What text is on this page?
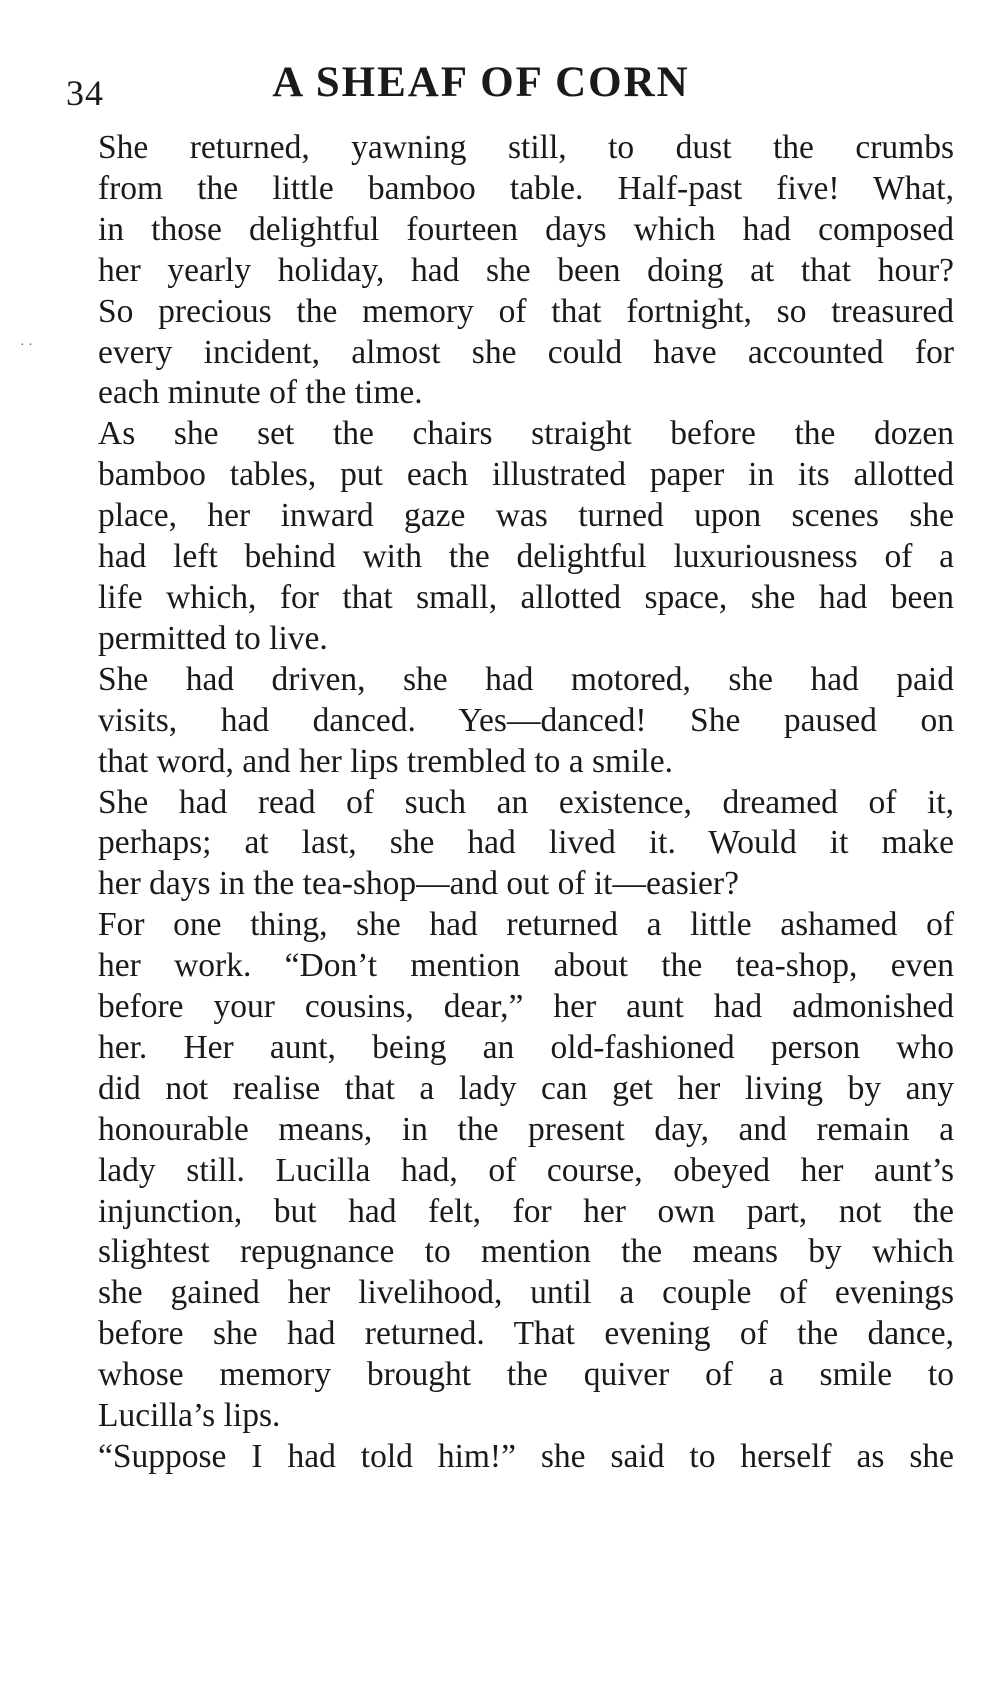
34	A SHEAF OF CORN
· ·
She returned, yawning still, to dust the crumbs
from the little bamboo table. Half-past five! What,
in those delightful fourteen days which had composed
her yearly holiday, had she been doing at that hour?
So precious the memory of that fortnight, so treasured
every incident, almost she could have accounted for
each minute of the time.
As she set the chairs straight before the dozen
bamboo tables, put each illustrated paper in its allotted
place, her inward gaze was turned upon scenes she
had left behind with the delightful luxuriousness of a
life which, for that small, allotted space, she had been
permitted to live.
She had driven, she had motored, she had paid
visits, had danced. Yes—danced! She paused on
that word, and her lips trembled to a smile.
She had read of such an existence, dreamed of it,
perhaps; at last, she had lived it. Would it make
her days in the tea-shop—and out of it—easier?
For one thing, she had returned a little ashamed of
her work. “Don’t mention about the tea-shop, even
before your cousins, dear,” her aunt had admonished
her. Her aunt, being an old-fashioned person who
did not realise that a lady can get her living by any
honourable means, in the present day, and remain a
lady still. Lucilla had, of course, obeyed her aunt’s
injunction, but had felt, for her own part, not the
slightest repugnance to mention the means by which
she gained her livelihood, until a couple of evenings
before she had returned. That evening of the dance,
whose memory brought the quiver of a smile to
Lucilla’s lips.
“Suppose I had told him!” she said to herself as she
